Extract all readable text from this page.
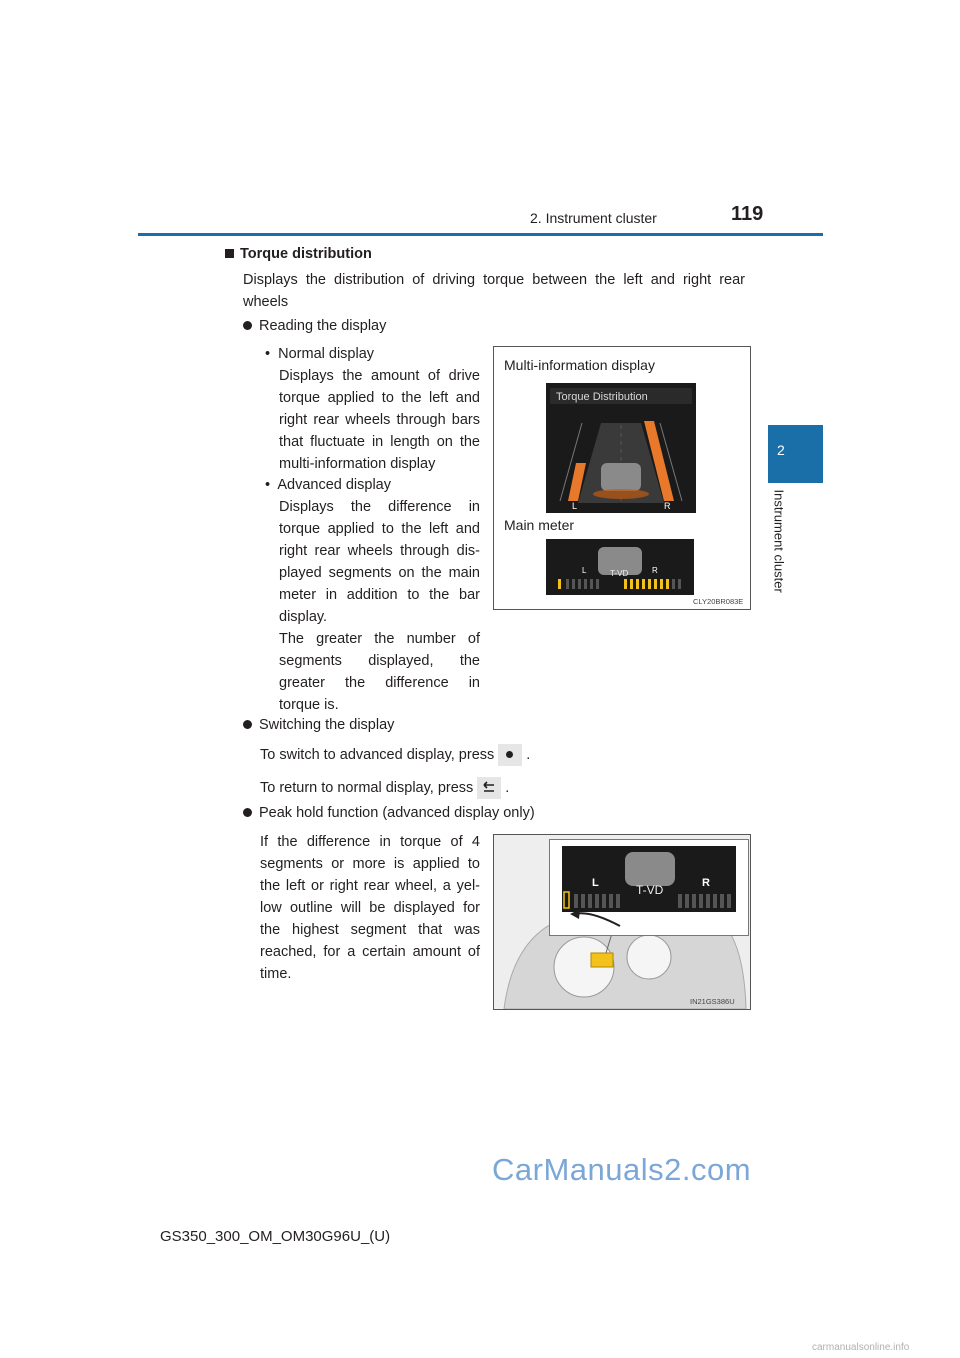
2. Instrument cluster	119
2
Instrument cluster
Torque distribution
Displays the distribution of driving torque between the left and right rear
wheels
Reading the display
•  Normal display
Displays the amount of drive
torque applied to the left and
right rear wheels through bars
that fluctuate in length on the
multi-information display
•  Advanced display
Displays the difference in
torque applied to the left and
right rear wheels through dis-
played segments on the main
meter in addition to the bar
display.
The greater the number of
segments displayed, the
greater the difference in
torque is.
Multi-information display
Torque Distribution
L	R
Main meter
T-VD
L	R
CLY20BR083E
Switching the display
To switch to advanced display, press .
To return to normal display, press .
Peak hold function (advanced display only)
If the difference in torque of 4
segments or more is applied to
the left or right rear wheel, a yel-
low outline will be displayed for
the highest segment that was
reached, for a certain amount of
time.
T-VD
L	R
IN21GS386U
CarManuals2.com
GS350_300_OM_OM30G96U_(U)
carmanualsonline.info
